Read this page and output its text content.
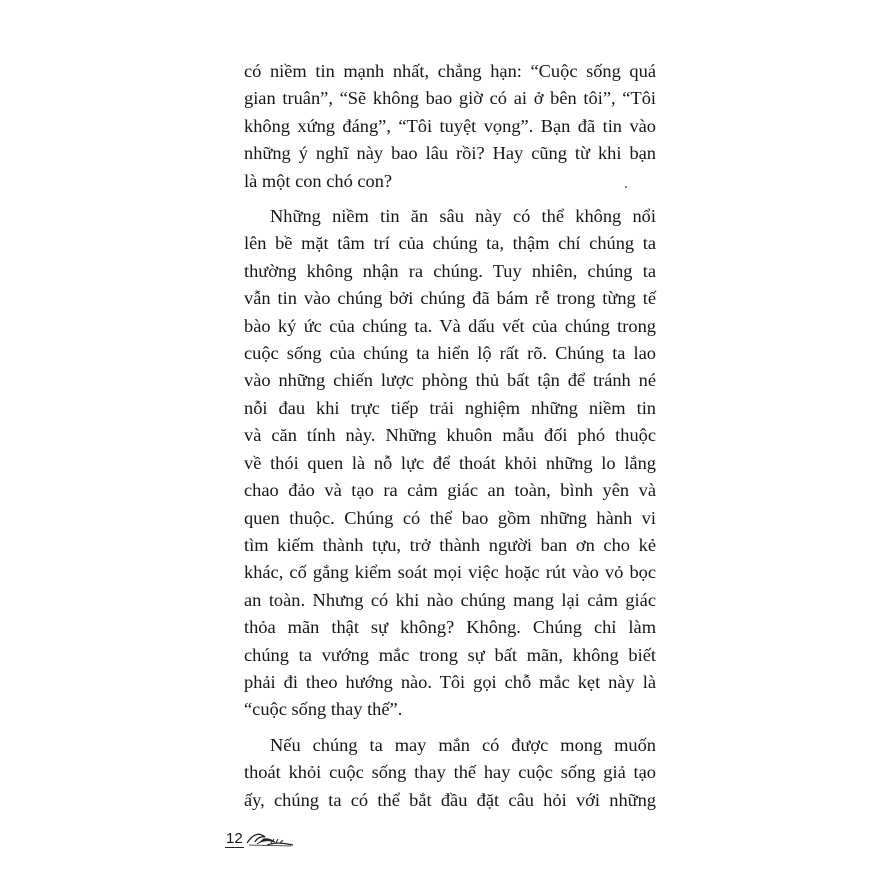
có niềm tin mạnh nhất, chẳng hạn: “Cuộc sống quá
gian truân”, “Sẽ không bao giờ có ai ở bên tôi”, “Tôi
không xứng đáng”, “Tôi tuyệt vọng”. Bạn đã tin vào
những ý nghĩ này bao lâu rồi? Hay cũng từ khi bạn
là một con chó con?
Những niềm tin ăn sâu này có thể không nổi
lên bề mặt tâm trí của chúng ta, thậm chí chúng ta
thường không nhận ra chúng. Tuy nhiên, chúng ta
vẫn tin vào chúng bởi chúng đã bám rễ trong từng tế
bào ký ức của chúng ta. Và dấu vết của chúng trong
cuộc sống của chúng ta hiển lộ rất rõ. Chúng ta lao
vào những chiến lược phòng thủ bất tận để tránh né
nỗi đau khi trực tiếp trải nghiệm những niềm tin
và căn tính này. Những khuôn mẫu đối phó thuộc
về thói quen là nỗ lực để thoát khỏi những lo lắng
chao đảo và tạo ra cảm giác an toàn, bình yên và
quen thuộc. Chúng có thể bao gồm những hành vi
tìm kiếm thành tựu, trở thành người ban ơn cho kẻ
khác, cố gắng kiểm soát mọi việc hoặc rút vào vỏ bọc
an toàn. Nhưng có khi nào chúng mang lại cảm giác
thỏa mãn thật sự không? Không. Chúng chỉ làm
chúng ta vướng mắc trong sự bất mãn, không biết
phải đi theo hướng nào. Tôi gọi chỗ mắc kẹt này là
“cuộc sống thay thế”.
Nếu chúng ta may mắn có được mong muốn
thoát khỏi cuộc sống thay thế hay cuộc sống giả tạo
ấy, chúng ta có thể bắt đầu đặt câu hỏi với những
12
